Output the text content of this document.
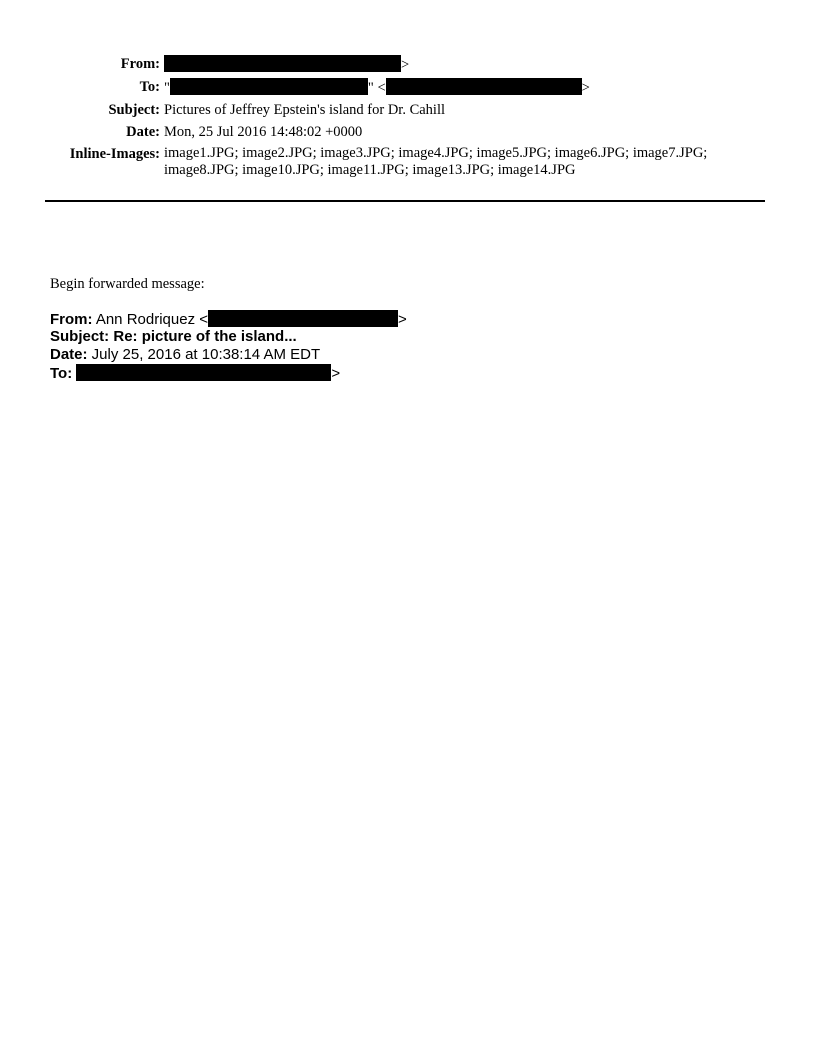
From:	>
To:	" " < >
Subject:	Pictures of Jeffrey Epstein's island for Dr. Cahill
Date:	Mon, 25 Jul 2016 14:48:02 +0000
Inline-Images:	image1.JPG; image2.JPG; image3.JPG; image4.JPG; image5.JPG; image6.JPG; image7.JPG; image8.JPG; image10.JPG; image11.JPG; image13.JPG; image14.JPG
Begin forwarded message:
From: Ann Rodriquez <	>
Subject: Re: picture of the island...
Date: July 25, 2016 at 10:38:14 AM EDT
To:	>
